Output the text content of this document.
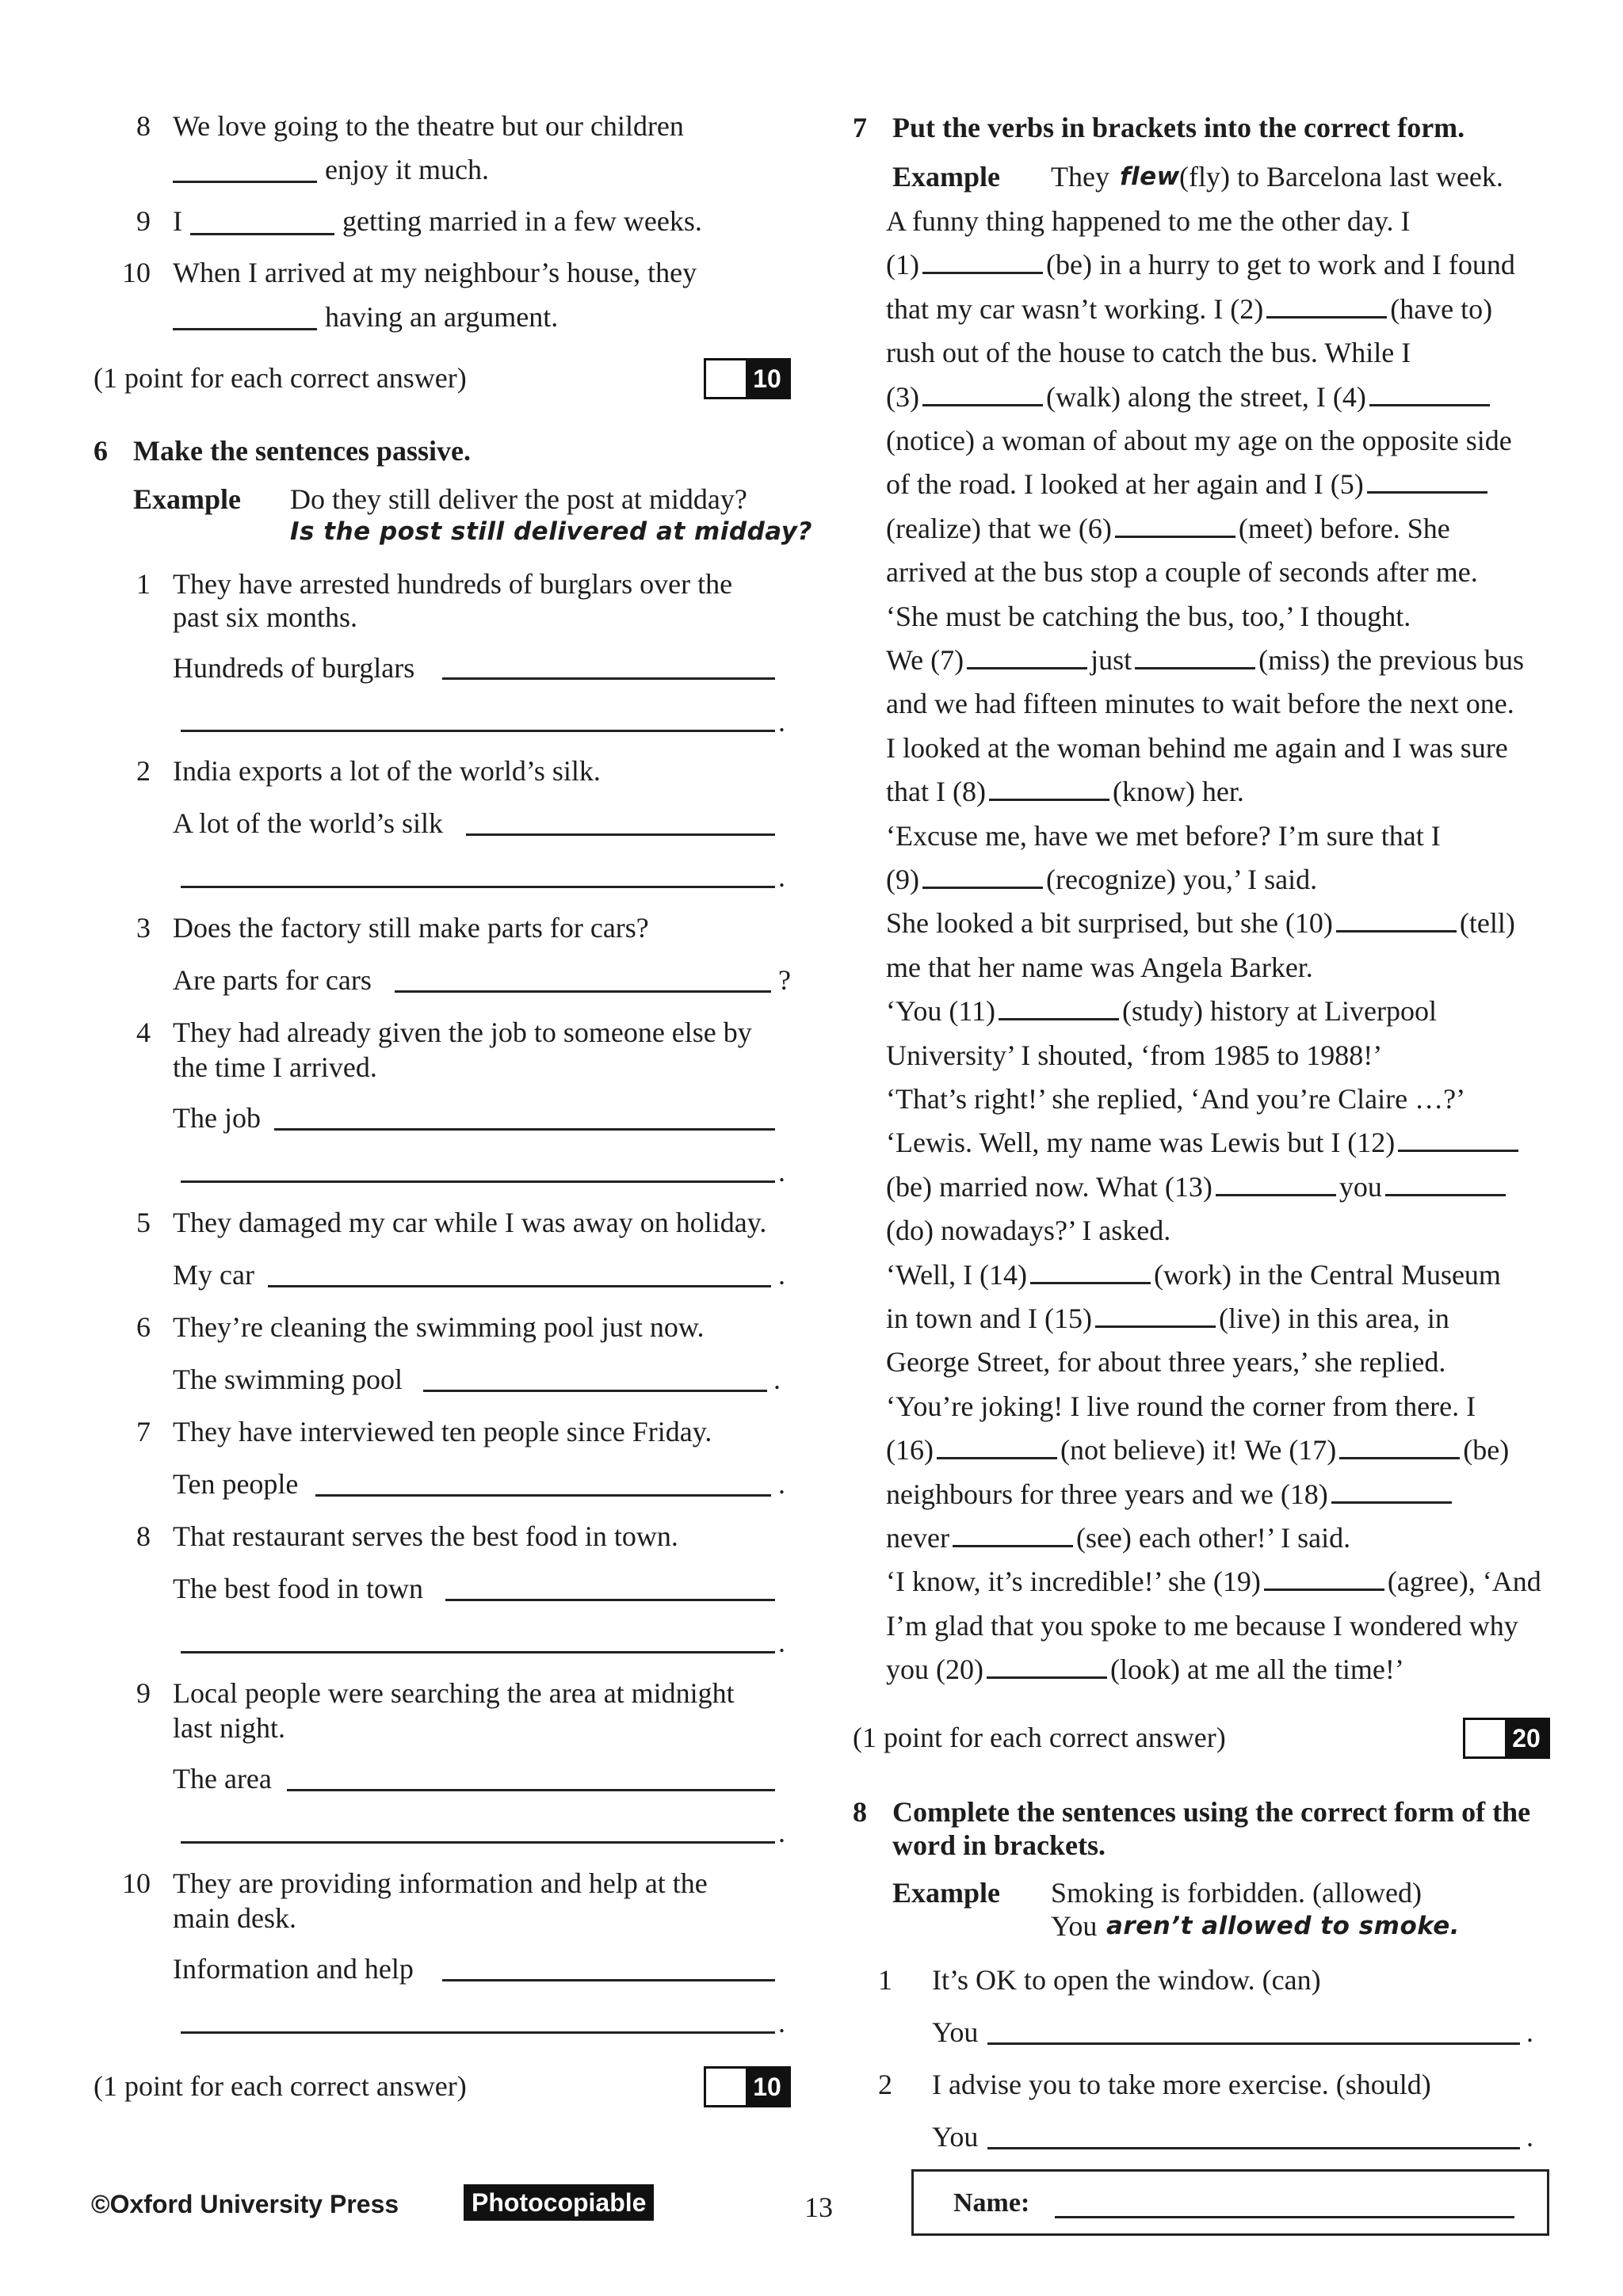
8 We love going to the theatre but our children
enjoy it much.
9 I	getting married in a few weeks.
10 When I arrived at my neighbour’s house, they
having an argument.
(1 point for each correct answer)	10
6 Make the sentences passive.
Example Do they still deliver the post at midday?
Is the post still delivered at midday?
1 They have arrested hundreds of burglars over the
past six months.
Hundreds of burglars
.
2 India exports a lot of the world’s silk.
A lot of the world’s silk
.
3 Does the factory still make parts for cars?
Are parts for cars	?
4 They had already given the job to someone else by
the time I arrived.
The job
.
5 They damaged my car while I was away on holiday.
My car	.
6 They’re cleaning the swimming pool just now.
The swimming pool	.
7 They have interviewed ten people since Friday.
Ten people	.
8 That restaurant serves the best food in town.
The best food in town
.
9 Local people were searching the area at midnight
last night.
The area
.
10 They are providing information and help at the
main desk.
Information and help
.
(1 point for each correct answer)	10
7 Put the verbs in brackets into the correct form.
Example They flew (fly) to Barcelona last week.
A funny thing happened to me the other day. I
(1)	(be) in a hurry to get to work and I found
that my car wasn’t working. I (2)	(have to)
rush out of the house to catch the bus. While I
(3)	(walk) along the street, I (4)
(notice) a woman of about my age on the opposite side
of the road. I looked at her again and I (5)
(realize) that we (6)	(meet) before. She
arrived at the bus stop a couple of seconds after me.
‘She must be catching the bus, too,’ I thought.
We (7)	just	(miss) the previous bus
and we had fifteen minutes to wait before the next one.
I looked at the woman behind me again and I was sure
that I (8)	(know) her.
‘Excuse me, have we met before? I’m sure that I
(9)	(recognize) you,’ I said.
She looked a bit surprised, but she (10)	(tell)
me that her name was Angela Barker.
‘You (11)	(study) history at Liverpool
University’ I shouted, ‘from 1985 to 1988!’
‘That’s right!’ she replied, ‘And you’re Claire …?’
‘Lewis. Well, my name was Lewis but I (12)
(be) married now. What (13)	you
(do) nowadays?’ I asked.
‘Well, I (14)	(work) in the Central Museum
in town and I (15)	(live) in this area, in
George Street, for about three years,’ she replied.
‘You’re joking! I live round the corner from there. I
(16)	(not believe) it! We (17)	(be)
neighbours for three years and we (18)
never	(see) each other!’ I said.
‘I know, it’s incredible!’ she (19)	(agree), ‘And
I’m glad that you spoke to me because I wondered why
you (20)	(look) at me all the time!’
(1 point for each correct answer)	20
8 Complete the sentences using the correct form of the
word in brackets.
Example Smoking is forbidden. (allowed)
You aren’t allowed to smoke.
1 It’s OK to open the window. (can)
You	.
2 I advise you to take more exercise. (should)
You	.
©Oxford University Press	Photocopiable	13	Name:
